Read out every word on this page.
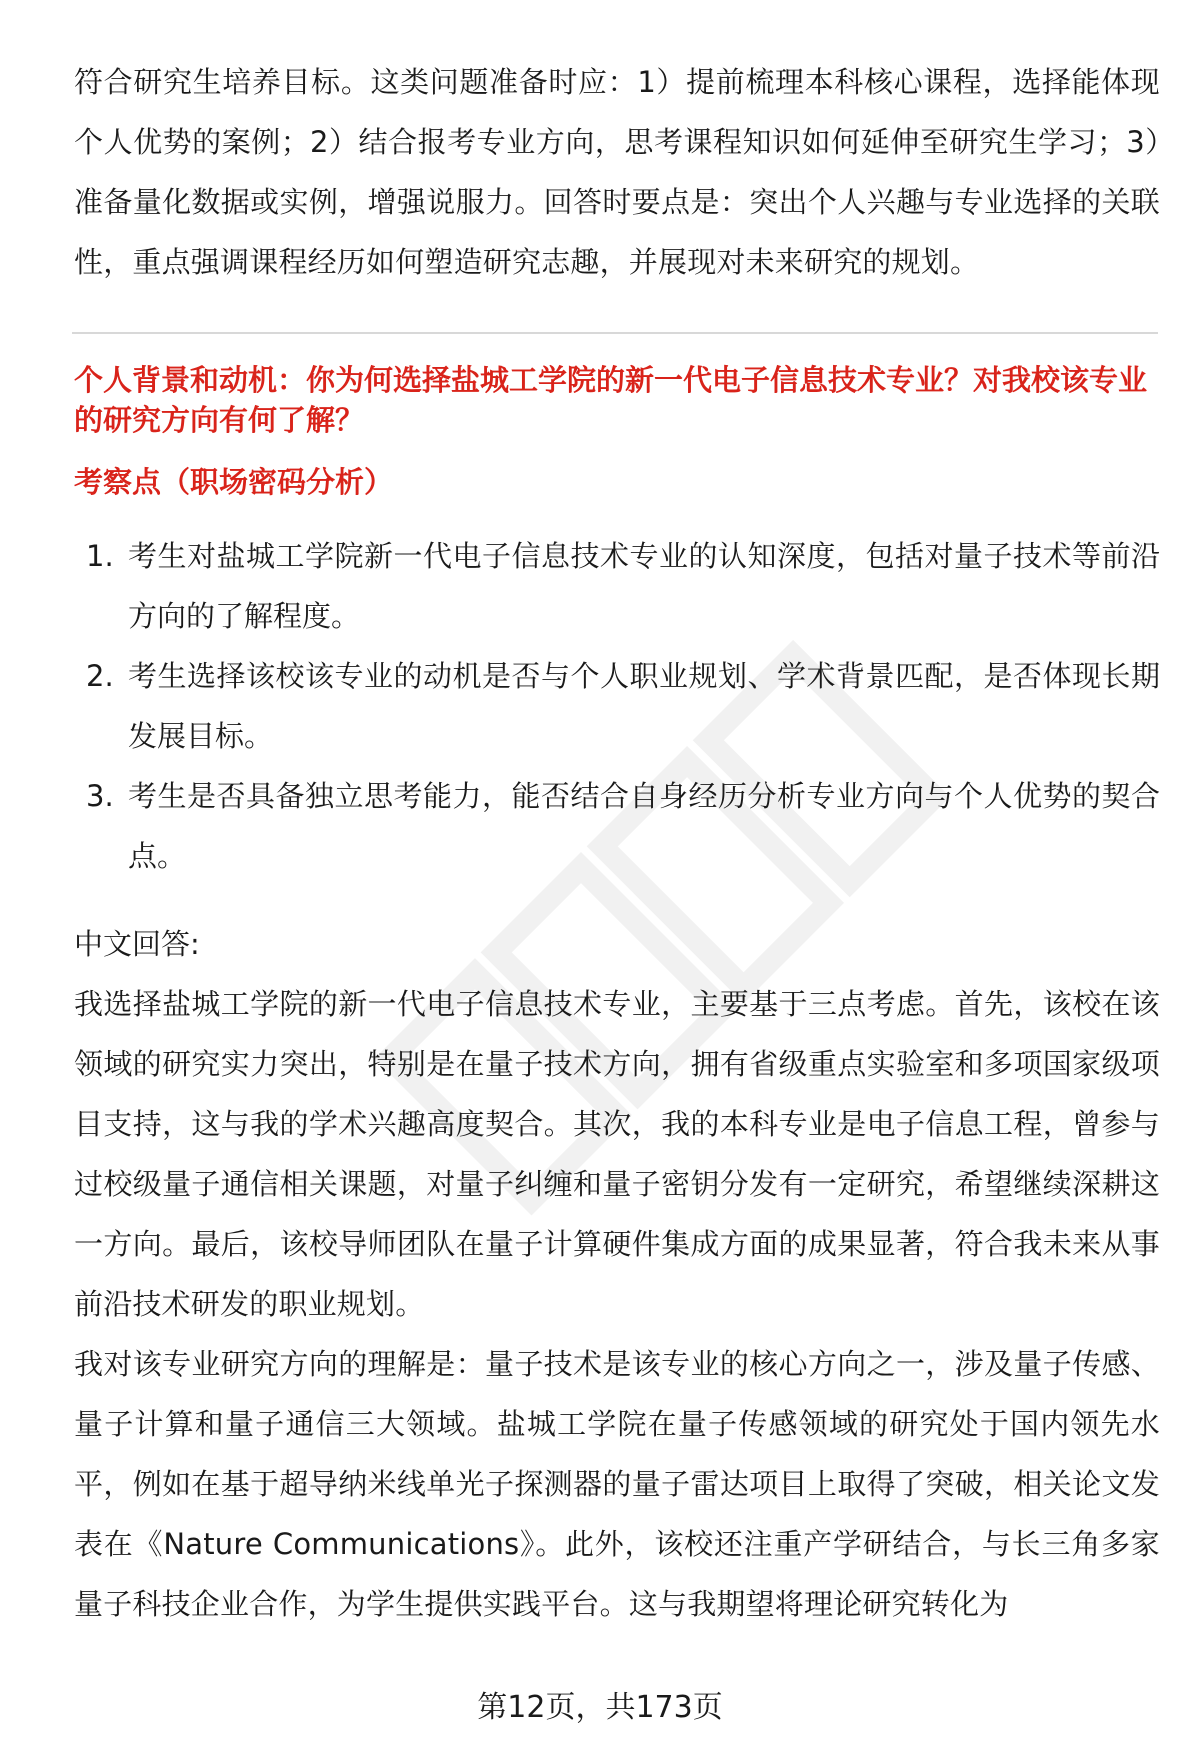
符合研究生培养目标。这类问题准备时应：1）提前梳理本科核心课程，选择能体现个人优势的案例；2）结合报考专业方向，思考课程知识如何延伸至研究生学习；3）准备量化数据或实例，增强说服力。回答时要点是：突出个人兴趣与专业选择的关联性，重点强调课程经历如何塑造研究志趣，并展现对未来研究的规划。

个人背景和动机：你为何选择盐城工学院的新一代电子信息技术专业？对我校该专业的研究方向有何了解？

考察点（职场密码分析）

1. 考生对盐城工学院新一代电子信息技术专业的认知深度，包括对量子技术等前沿方向的了解程度。
2. 考生选择该校该专业的动机是否与个人职业规划、学术背景匹配，是否体现长期发展目标。
3. 考生是否具备独立思考能力，能否结合自身经历分析专业方向与个人优势的契合点。

中文回答:

我选择盐城工学院的新一代电子信息技术专业，主要基于三点考虑。首先，该校在该领域的研究实力突出，特别是在量子技术方向，拥有省级重点实验室和多项国家级项目支持，这与我的学术兴趣高度契合。其次，我的本科专业是电子信息工程，曾参与过校级量子通信相关课题，对量子纠缠和量子密钥分发有一定研究，希望继续深耕这一方向。最后，该校导师团队在量子计算硬件集成方面的成果显著，符合我未来从事前沿技术研发的职业规划。

我对该专业研究方向的理解是：量子技术是该专业的核心方向之一，涉及量子传感、量子计算和量子通信三大领域。盐城工学院在量子传感领域的研究处于国内领先水平，例如在基于超导纳米线单光子探测器的量子雷达项目上取得了突破，相关论文发表在《Nature Communications》。此外，该校还注重产学研结合，与长三角多家量子科技企业合作，为学生提供实践平台。这与我期望将理论研究转化为

第12页，共173页
